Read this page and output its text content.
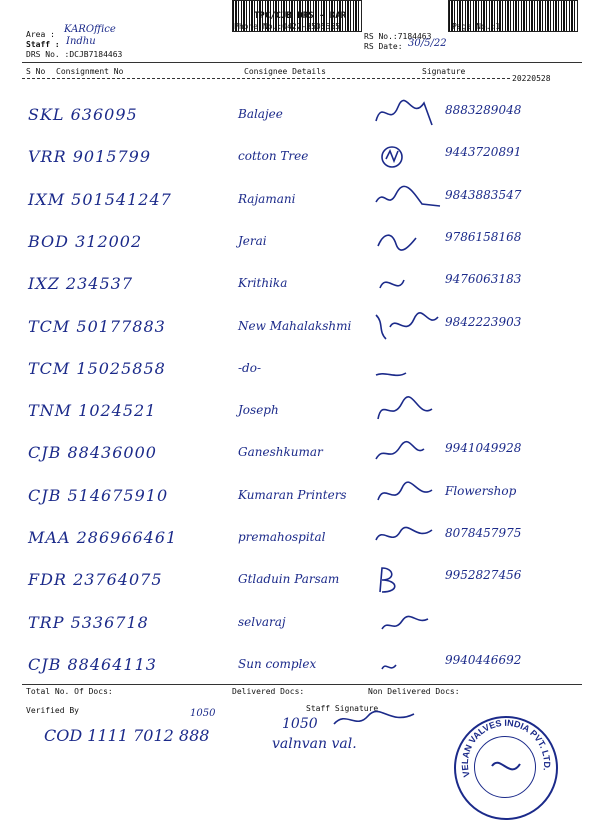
TPC/CJB DRS - KAR
Phone No.:0422-3505555	Page No.:1
Area : KAROffice
Staff : Indhu
DRS No. :DCJB7184463
RS No.:7184463
RS Date: 30/5/22
S No Consignment No	Consignee Details	Signature
20220528
SKL 636095	Balajee	8883289048
VRR 9015799	cotton Tree	9443720891
IXM 501541247	Rajamani	9843883547
BOD 312002	Jerai	9786158168
IXZ 234537	Krithika	9476063183
TCM 50177883	New Mahalakshmi	9842223903
TCM 15025858	-do-
TNM 1024521	Joseph
CJB 88436000	Ganeshkumar	9941049928
CJB 514675910	Kumaran Printers	Flowershop
MAA 286966461	premahospital	8078457975
FDR 23764075	Gtladuin Parsam	9952827456
TRP 5336718	selvaraj
CJB 88464113	Sun complex	9940446692
Total No. Of Docs:	Delivered Docs:	Non Delivered Docs:
Verified By	Staff Signature
COD 1111 7012 888
1050
1050
valnvan val.
VELAN VALVES INDIA PVT. LTD.
